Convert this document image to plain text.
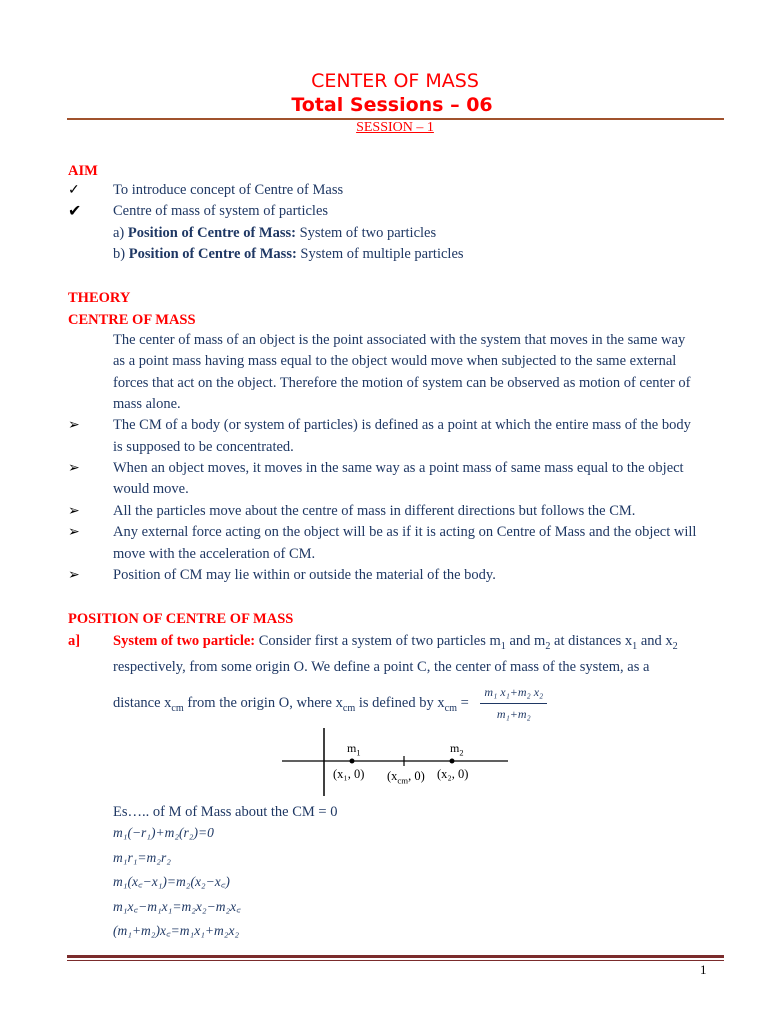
CENTER OF MASS
Total Sessions – 06
SESSION – 1
AIM
✓ To introduce concept of Centre of Mass
✔ Centre of mass of system of particles
a) Position of Centre of Mass: System of two particles
b) Position of Centre of Mass: System of multiple particles
THEORY
CENTRE OF MASS
The center of mass of an object is the point associated with the system that moves in the same way
as a point mass having mass equal to the object would move when subjected to the same external
forces that act on the object. Therefore the motion of system can be observed as motion of center of
mass alone.
➢ The CM of a body (or system of particles) is defined as a point at which the entire mass of the body
is supposed to be concentrated.
➢ When an object moves, it moves in the same way as a point mass of same mass equal to the object
would move.
➢ All the particles move about the centre of mass in different directions but follows the CM.
➢ Any external force acting on the object will be as if it is acting on Centre of Mass and the object will
move with the acceleration of CM.
➢ Position of CM may lie within or outside the material of the body.
POSITION OF CENTRE OF MASS
a] System of two particle: Consider first a system of two particles $m_1$ and $m_2$ at distances $x_1$ and $x_2$
respectively, from some origin O. We define a point C, the center of mass of the system, as a
distance $x_{cm}$ from the origin O, where $x_{cm}$ is defined by $x_{cm} = \frac{\text{m₁ x₁+m₂ x₂}}{\text{m₁+m₂}}$
$m_1$	$m_2$
(x₁, 0) ($x_{cm}$, 0) (x₂, 0)
Es….. of M of Mass about the CM = 0
m₁(−r₁)+m₂(r₂)=0
m₁r₁=m₂r₂
m₁(x꜀−x₁)=m₂(x₂−x꜀)
m₁x꜀−m₁x₁=m₂x₂−m₂x꜀
(m₁+m₂)x꜀=m₁x₁+m₂x₂
1
